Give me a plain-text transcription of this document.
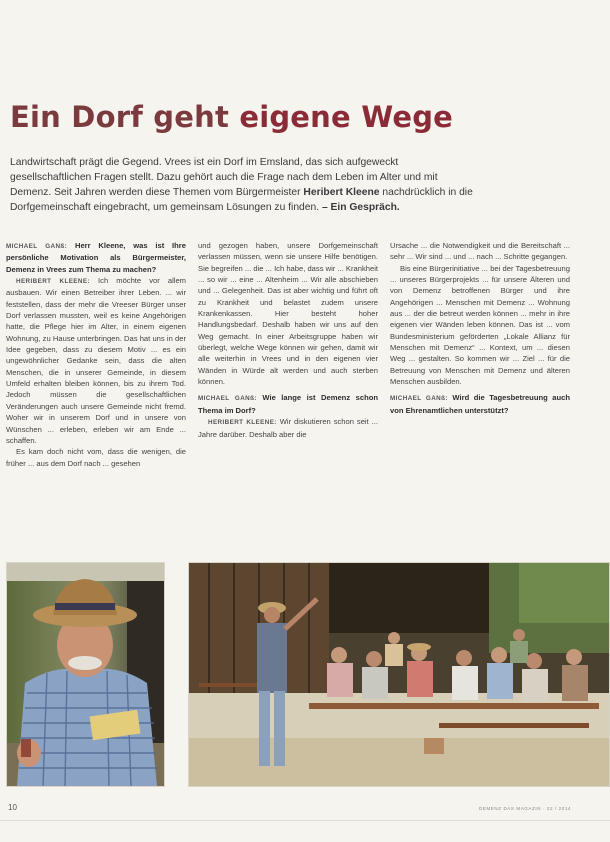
Ein Dorf geht eigene Wege
Landwirtschaft prägt die Gegend. Vrees ist ein Dorf im Emsland, das sich aufgeweckt gesellschaftlichen Fragen stellt. Dazu gehört auch die Frage nach dem Leben im Alter und mit Demenz. Seit Jahren werden diese Themen vom Bürgermeister Heribert Kleene nachdrücklich in die Dorfgemeinschaft eingebracht, um gemeinsam Lösungen zu finden. – Ein Gespräch.

MICHAEL GANß: Herr Kleene, was ist Ihre persönliche Motivation als Bürgermeister, Demenz in Vrees zum Thema zu machen?

HERIBERT KLEENE: Ich möchte vor allem ausbauen. Wir einen Betreiber ihrer Leben. ... wir feststellen, dass der mehr die Vreeser Bürger unser Dorf verlassen mussten, weil es keine Angehörigen hatte, die Pflege hier im Alter, in einem eigenen Wohnung, zu Hause unterbringen. Das hat uns in der Idee gegeben, dass zu diesem Motiv ... es ein ungewöhnlicher Gedanke sein, dass die alten Menschen, die in unserer Gemeinde, in diesem Umfeld erhalten bleiben können, bis zu ihrem Tod. Jedoch müssen die gesellschaftlichen Veränderungen auch unsere Gemeinde nicht fremd. Woher wir in unserem Dorf und in unsere von Wünschen ... erleben, erleben wir am Ende ... schaffen.

Es kam doch nicht vom, dass die wenigen, die früher ... aus dem Dorf nach ... gesehen

und gezogen haben, unsere Dorfgemeinschaft verlassen müssen, wenn sie unsere Hilfe benötigen. Sie begreifen ... die ... Ich habe, dass wir ... Krankheit ... so wir ... eine ... Altenheim ... Wir alle abschieben und ... Gelegenheit. Das ist aber wichtig und führt oft zu Krankheit und belastet zudem unsere Krankenkassen. Hier besteht hoher Handlungsbedarf. Deshalb haben wir uns auf den Weg gemacht. In einer Arbeitsgruppe haben wir überlegt, welche Wege können wir gehen, damit wir alle weiterhin in Vrees und in den eigenen vier Wänden in Würde alt werden und auch sterben können.

MICHAEL GANß: Wie lange ist Demenz schon Thema im Dorf?

HERIBERT KLEENE: Wir diskutieren schon seit ... Jahre darüber. Deshalb aber die

Ursache ... die Notwendigkeit und die Bereitschaft ... sehr ... Wir sind ... und ... nach ... Schritte gegangen.

Bis eine Bürgerinitiative ... bei der Tagesbetreuung ... unseres Bürgerprojekts ... für unsere Älteren und von Demenz betroffenen Bürger und ihre Angehörigen ... Menschen mit Demenz ... Wohnung aus ... der die betreut werden können ... mehr in ihre eigenen vier Wänden leben können. Das ist ... vom Bundesministerium geförderten „Lokale Allianz für Menschen mit Demenz“ ... Kontext, um ... diesen Weg ... gestalten. So kommen wir ... Ziel ... für die Betreuung von Menschen mit Demenz und älteren Menschen ausbilden.

MICHAEL GANß: Wird die Tagesbetreuung auch von Ehrenamtlichen unterstützt?

10	DEMENZ DAS MAGAZIN · 22 / 2014
